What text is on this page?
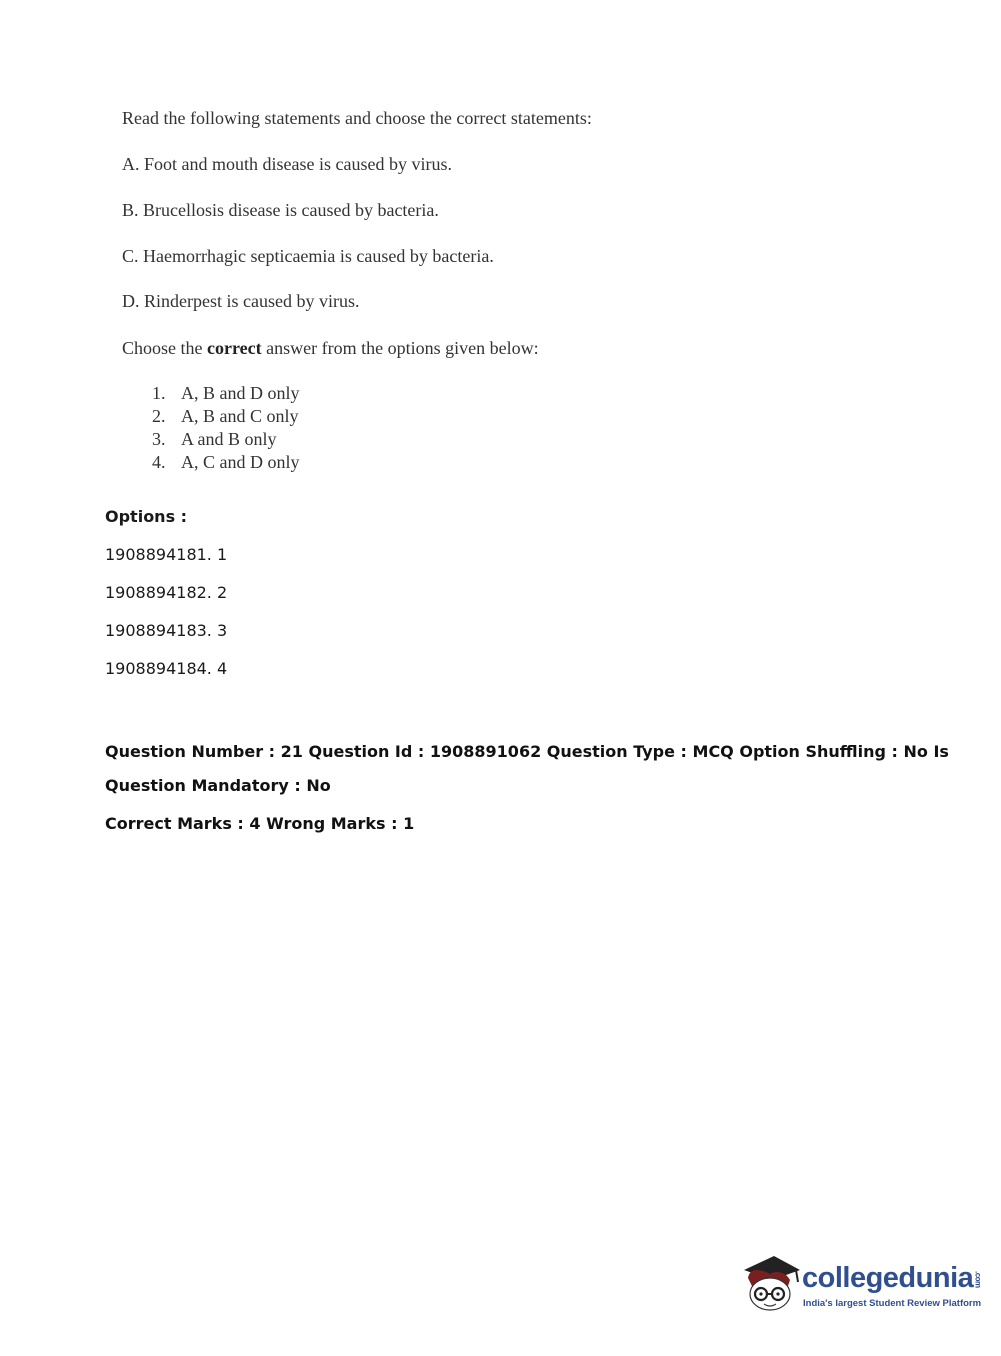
Read the following statements and choose the correct statements:
A. Foot and mouth disease is caused by virus.
B. Brucellosis disease is caused by bacteria.
C. Haemorrhagic septicaemia is caused by bacteria.
D. Rinderpest is caused by virus.
Choose the correct answer from the options given below:
1. A, B and D only
2. A, B and C only
3. A and B only
4. A, C and D only
Options :
1908894181. 1
1908894182. 2
1908894183. 3
1908894184. 4
Question Number : 21 Question Id : 1908891062 Question Type : MCQ Option Shuffling : No Is
Question Mandatory : No
Correct Marks : 4 Wrong Marks : 1
collegedunia.com
India's largest Student Review Platform
